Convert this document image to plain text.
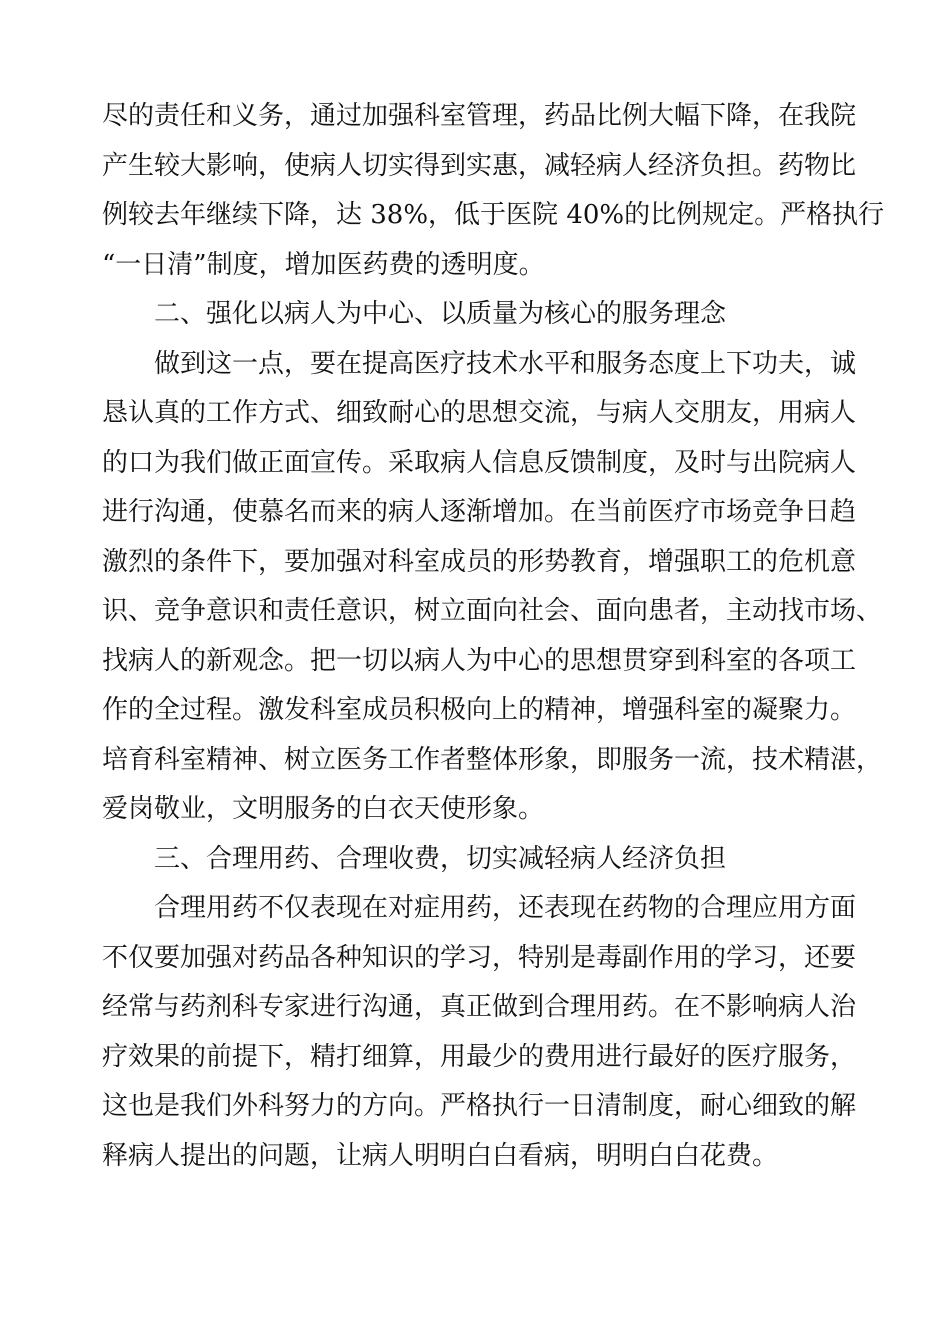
尽的责任和义务，通过加强科室管理，药品比例大幅下降，在我院
产生较大影响，使病人切实得到实惠，减轻病人经济负担。药物比
例较去年继续下降，达 38%，低于医院 40%的比例规定。严格执行
“一日清”制度，增加医药费的透明度。
二、强化以病人为中心、以质量为核心的服务理念
做到这一点，要在提高医疗技术水平和服务态度上下功夫，诚
恳认真的工作方式、细致耐心的思想交流，与病人交朋友，用病人
的口为我们做正面宣传。采取病人信息反馈制度，及时与出院病人
进行沟通，使慕名而来的病人逐渐增加。在当前医疗市场竞争日趋
激烈的条件下，要加强对科室成员的形势教育，增强职工的危机意
识、竞争意识和责任意识，树立面向社会、面向患者，主动找市场、
找病人的新观念。把一切以病人为中心的思想贯穿到科室的各项工
作的全过程。激发科室成员积极向上的精神，增强科室的凝聚力。
培育科室精神、树立医务工作者整体形象，即服务一流，技术精湛，
爱岗敬业，文明服务的白衣天使形象。
三、合理用药、合理收费，切实减轻病人经济负担
合理用药不仅表现在对症用药，还表现在药物的合理应用方面
不仅要加强对药品各种知识的学习，特别是毒副作用的学习，还要
经常与药剂科专家进行沟通，真正做到合理用药。在不影响病人治
疗效果的前提下，精打细算，用最少的费用进行最好的医疗服务，
这也是我们外科努力的方向。严格执行一日清制度，耐心细致的解
释病人提出的问题，让病人明明白白看病，明明白白花费。
